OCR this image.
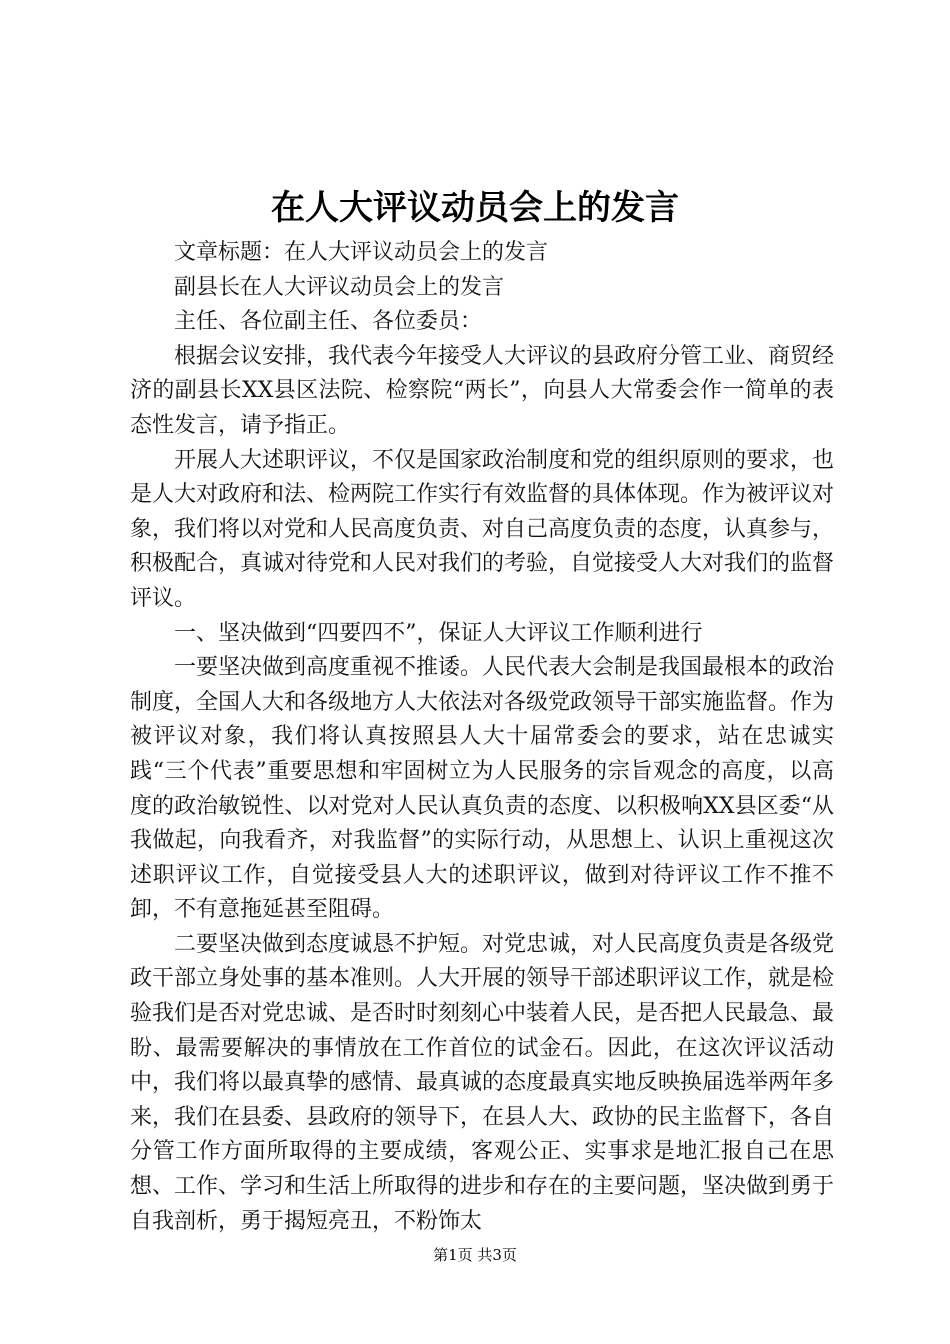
在人大评议动员会上的发言

文章标题：在人大评议动员会上的发言

副县长在人大评议动员会上的发言

主任、各位副主任、各位委员：

根据会议安排，我代表今年接受人大评议的县政府分管工业、商贸经济的副县长XX县区法院、检察院“两长”，向县人大常委会作一简单的表态性发言，请予指正。

开展人大述职评议，不仅是国家政治制度和党的组织原则的要求，也是人大对政府和法、检两院工作实行有效监督的具体体现。作为被评议对象，我们将以对党和人民高度负责、对自己高度负责的态度，认真参与，积极配合，真诚对待党和人民对我们的考验，自觉接受人大对我们的监督评议。

一、坚决做到“四要四不”，保证人大评议工作顺利进行

一要坚决做到高度重视不推诿。人民代表大会制是我国最根本的政治制度，全国人大和各级地方人大依法对各级党政领导干部实施监督。作为被评议对象，我们将认真按照县人大十届常委会的要求，站在忠诚实践“三个代表”重要思想和牢固树立为人民服务的宗旨观念的高度，以高度的政治敏锐性、以对党对人民认真负责的态度、以积极响XX县区委“从我做起，向我看齐，对我监督”的实际行动，从思想上、认识上重视这次述职评议工作，自觉接受县人大的述职评议，做到对待评议工作不推不卸，不有意拖延甚至阻碍。

二要坚决做到态度诚恳不护短。对党忠诚，对人民高度负责是各级党政干部立身处事的基本准则。人大开展的领导干部述职评议工作，就是检验我们是否对党忠诚、是否时时刻刻心中装着人民，是否把人民最急、最盼、最需要解决的事情放在工作首位的试金石。因此，在这次评议活动中，我们将以最真挚的感情、最真诚的态度最真实地反映换届选举两年多来，我们在县委、县政府的领导下，在县人大、政协的民主监督下，各自分管工作方面所取得的主要成绩，客观公正、实事求是地汇报自己在思想、工作、学习和生活上所取得的进步和存在的主要问题，坚决做到勇于自我剖析，勇于揭短亮丑，不粉饰太

第1页 共3页
